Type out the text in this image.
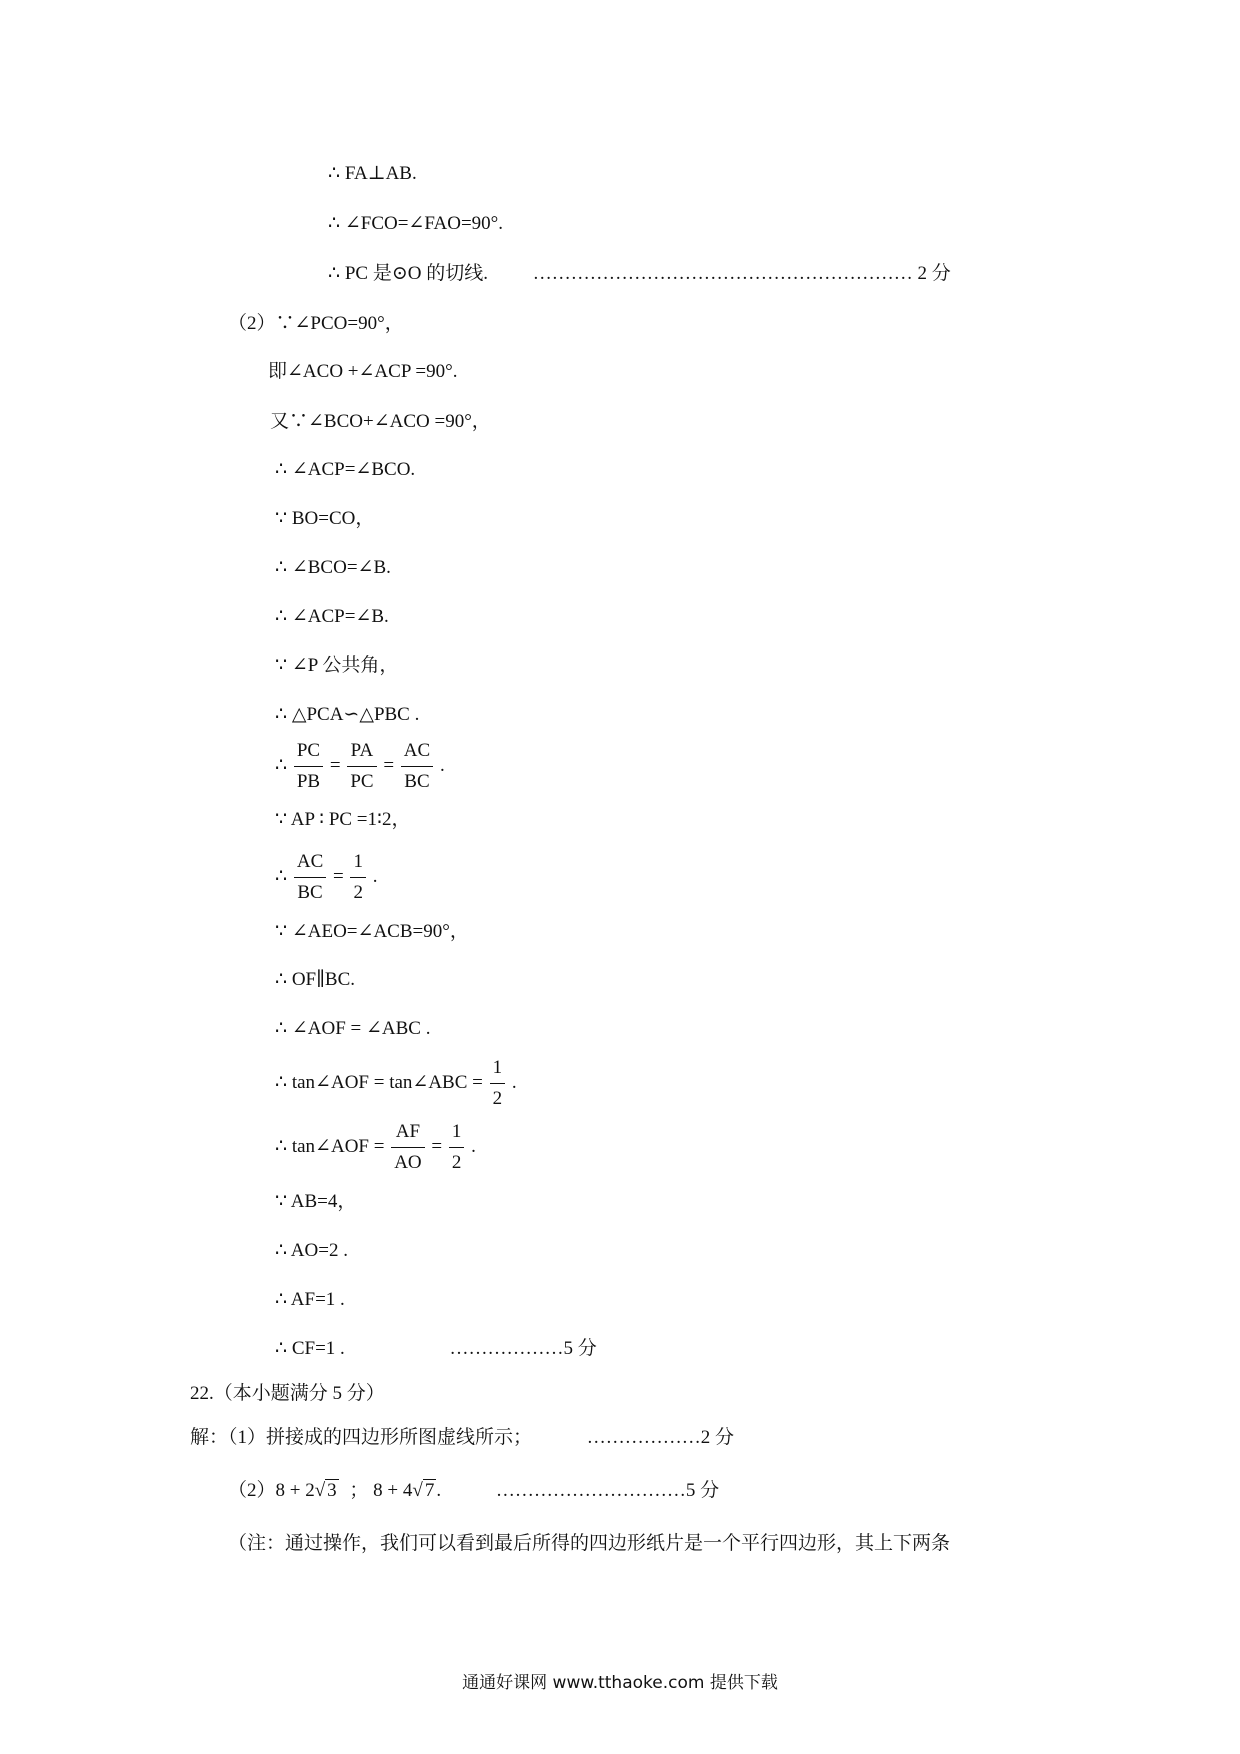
∴ FA⊥AB.
∴ ∠FCO=∠FAO=90°.
∴ PC 是⊙O 的切线. …………………………………………………… 2 分
（2）∵∠PCO=90°，
即∠ACO +∠ACP =90°.
又∵∠BCO+∠ACO =90°，
∴ ∠ACP=∠BCO.
∵ BO=CO，
∴ ∠BCO=∠B.
∴ ∠ACP=∠B.
∵ ∠P 公共角，
∴ △PCA∽△PBC .
∴ $\frac{PC}{PB} = \frac{PA}{PC} = \frac{AC}{BC}$ .
∵ AP ∶ PC =1∶2，
∴ $\frac{AC}{BC} = \frac{1}{2}$ .
∵ ∠AEO=∠ACB=90°，
∴ OF∥BC.
∴ ∠AOF = ∠ABC .
∴ tan∠AOF = tan∠ABC = $\frac{1}{2}$ .
∴ tan∠AOF = $\frac{AF}{AO} = \frac{1}{2}$ .
∵ AB=4，
∴ AO=2 .
∴ AF=1 .
∴ CF=1 .	………………5 分
22.（本小题满分 5 分）
解：（1）拼接成的四边形所图虚线所示；	………………2 分
（2）8 + 2√ 3 ； 8 + 4√ 7 .	…………………………5 分
（注：通过操作，我们可以看到最后所得的四边形纸片是一个平行四边形，其上下两条
通通好课网 www.tthaoke.com 提供下载
